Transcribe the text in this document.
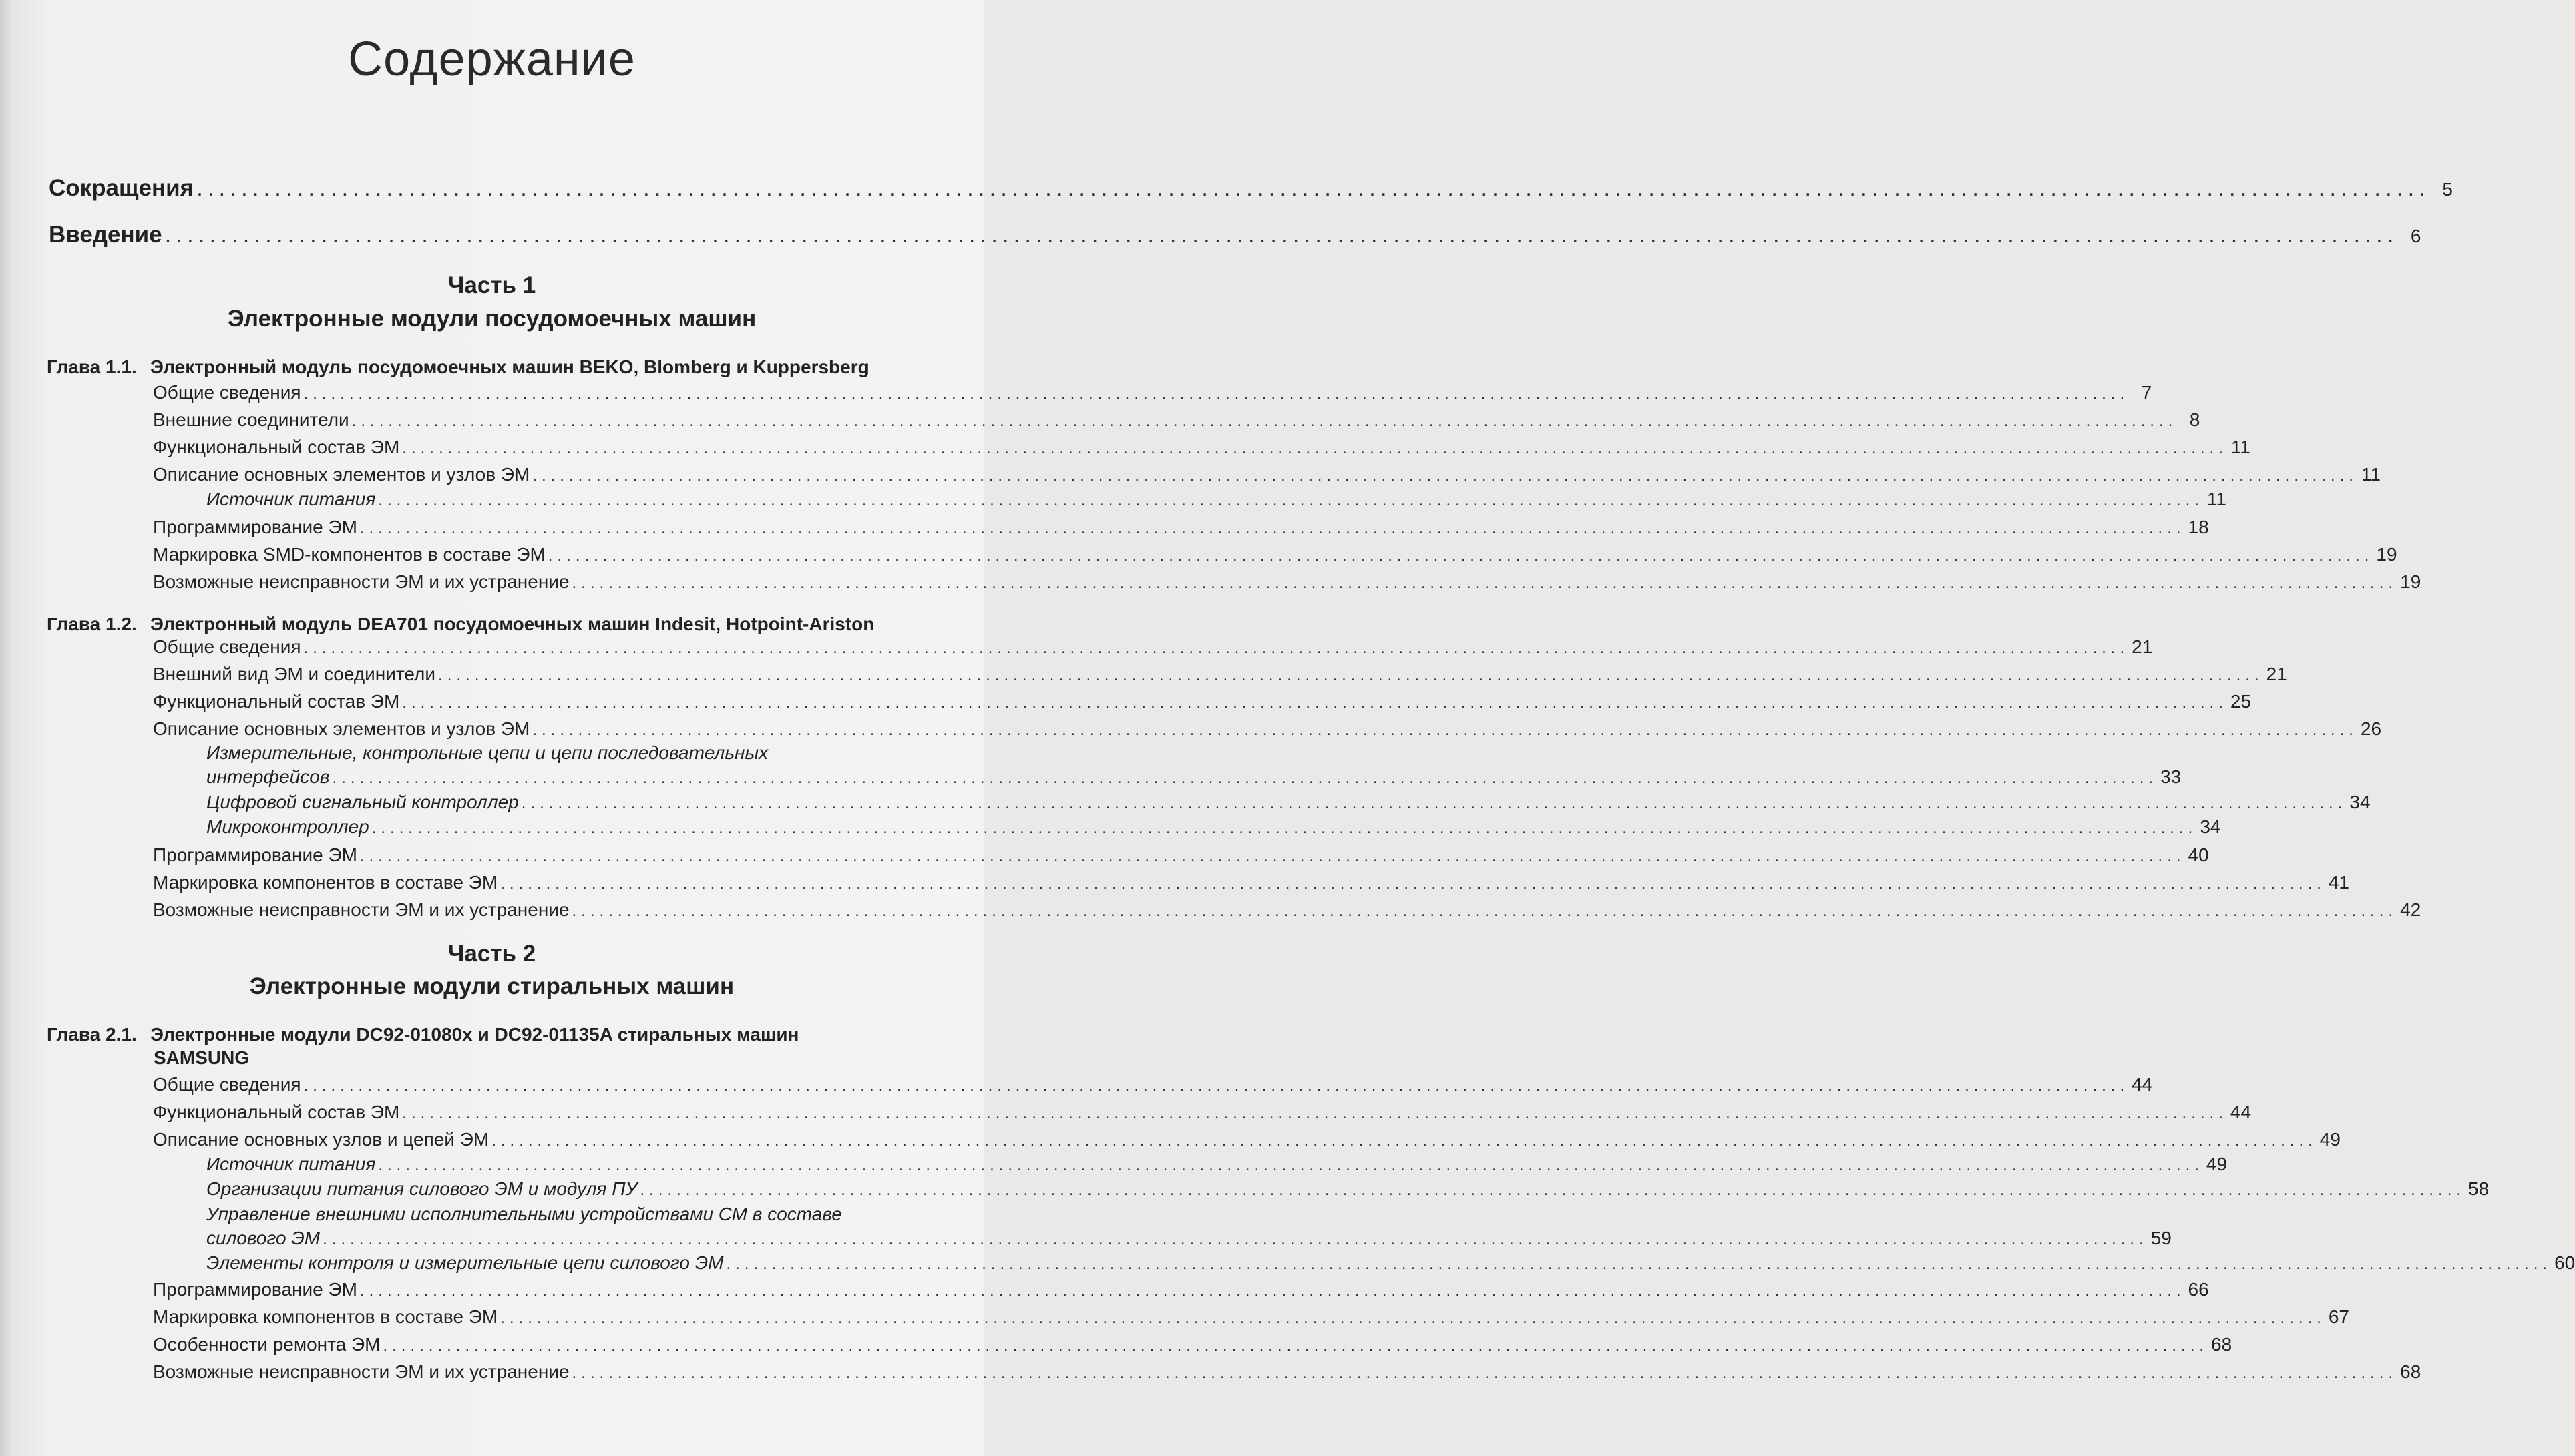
Содержание
Сокращения ........................................................................................................................................................................................................ 5
Введение ........................................................................................................................................................................................................ 6
Часть 1
Электронные модули посудомоечных машин
Глава 1.1. Электронный модуль посудомоечных машин BEKO, Blomberg и Kuppersberg
Общие сведения ........................................................................................................................................................................................................ 7
Внешние соединители ........................................................................................................................................................................................................ 8
Функциональный состав ЭМ ........................................................................................................................................................................................................ 11
Описание основных элементов и узлов ЭМ ........................................................................................................................................................................................................ 11
Источник питания ........................................................................................................................................................................................................ 11
Программирование ЭМ ........................................................................................................................................................................................................ 18
Маркировка SMD-компонентов в составе ЭМ ........................................................................................................................................................................................................ 19
Возможные неисправности ЭМ и их устранение ........................................................................................................................................................................................................ 19
Глава 1.2. Электронный модуль DEA701 посудомоечных машин Indesit, Hotpoint-Ariston
Общие сведения ........................................................................................................................................................................................................ 21
Внешний вид ЭМ и соединители ........................................................................................................................................................................................................ 21
Функциональный состав ЭМ ........................................................................................................................................................................................................ 25
Описание основных элементов и узлов ЭМ ........................................................................................................................................................................................................ 26
Измерительные, контрольные цепи и цепи последовательных
интерфейсов ........................................................................................................................................................................................................ 33
Цифровой сигнальный контроллер ........................................................................................................................................................................................................ 34
Микроконтроллер ........................................................................................................................................................................................................ 34
Программирование ЭМ ........................................................................................................................................................................................................ 40
Маркировка компонентов в составе ЭМ ........................................................................................................................................................................................................ 41
Возможные неисправности ЭМ и их устранение ........................................................................................................................................................................................................ 42
Часть 2
Электронные модули стиральных машин
Глава 2.1. Электронные модули DC92-01080x и DC92-01135A стиральных машин
SAMSUNG
Общие сведения ........................................................................................................................................................................................................ 44
Функциональный состав ЭМ ........................................................................................................................................................................................................ 44
Описание основных узлов и цепей ЭМ ........................................................................................................................................................................................................ 49
Источник питания ........................................................................................................................................................................................................ 49
Организации питания силового ЭМ и модуля ПУ ........................................................................................................................................................................................................ 58
Управление внешними исполнительными устройствами СМ в составе
силового ЭМ ........................................................................................................................................................................................................ 59
Элементы контроля и измерительные цепи силового ЭМ ........................................................................................................................................................................................................ 60
Программирование ЭМ ........................................................................................................................................................................................................ 66
Маркировка компонентов в составе ЭМ ........................................................................................................................................................................................................ 67
Особенности ремонта ЭМ ........................................................................................................................................................................................................ 68
Возможные неисправности ЭМ и их устранение ........................................................................................................................................................................................................ 68
